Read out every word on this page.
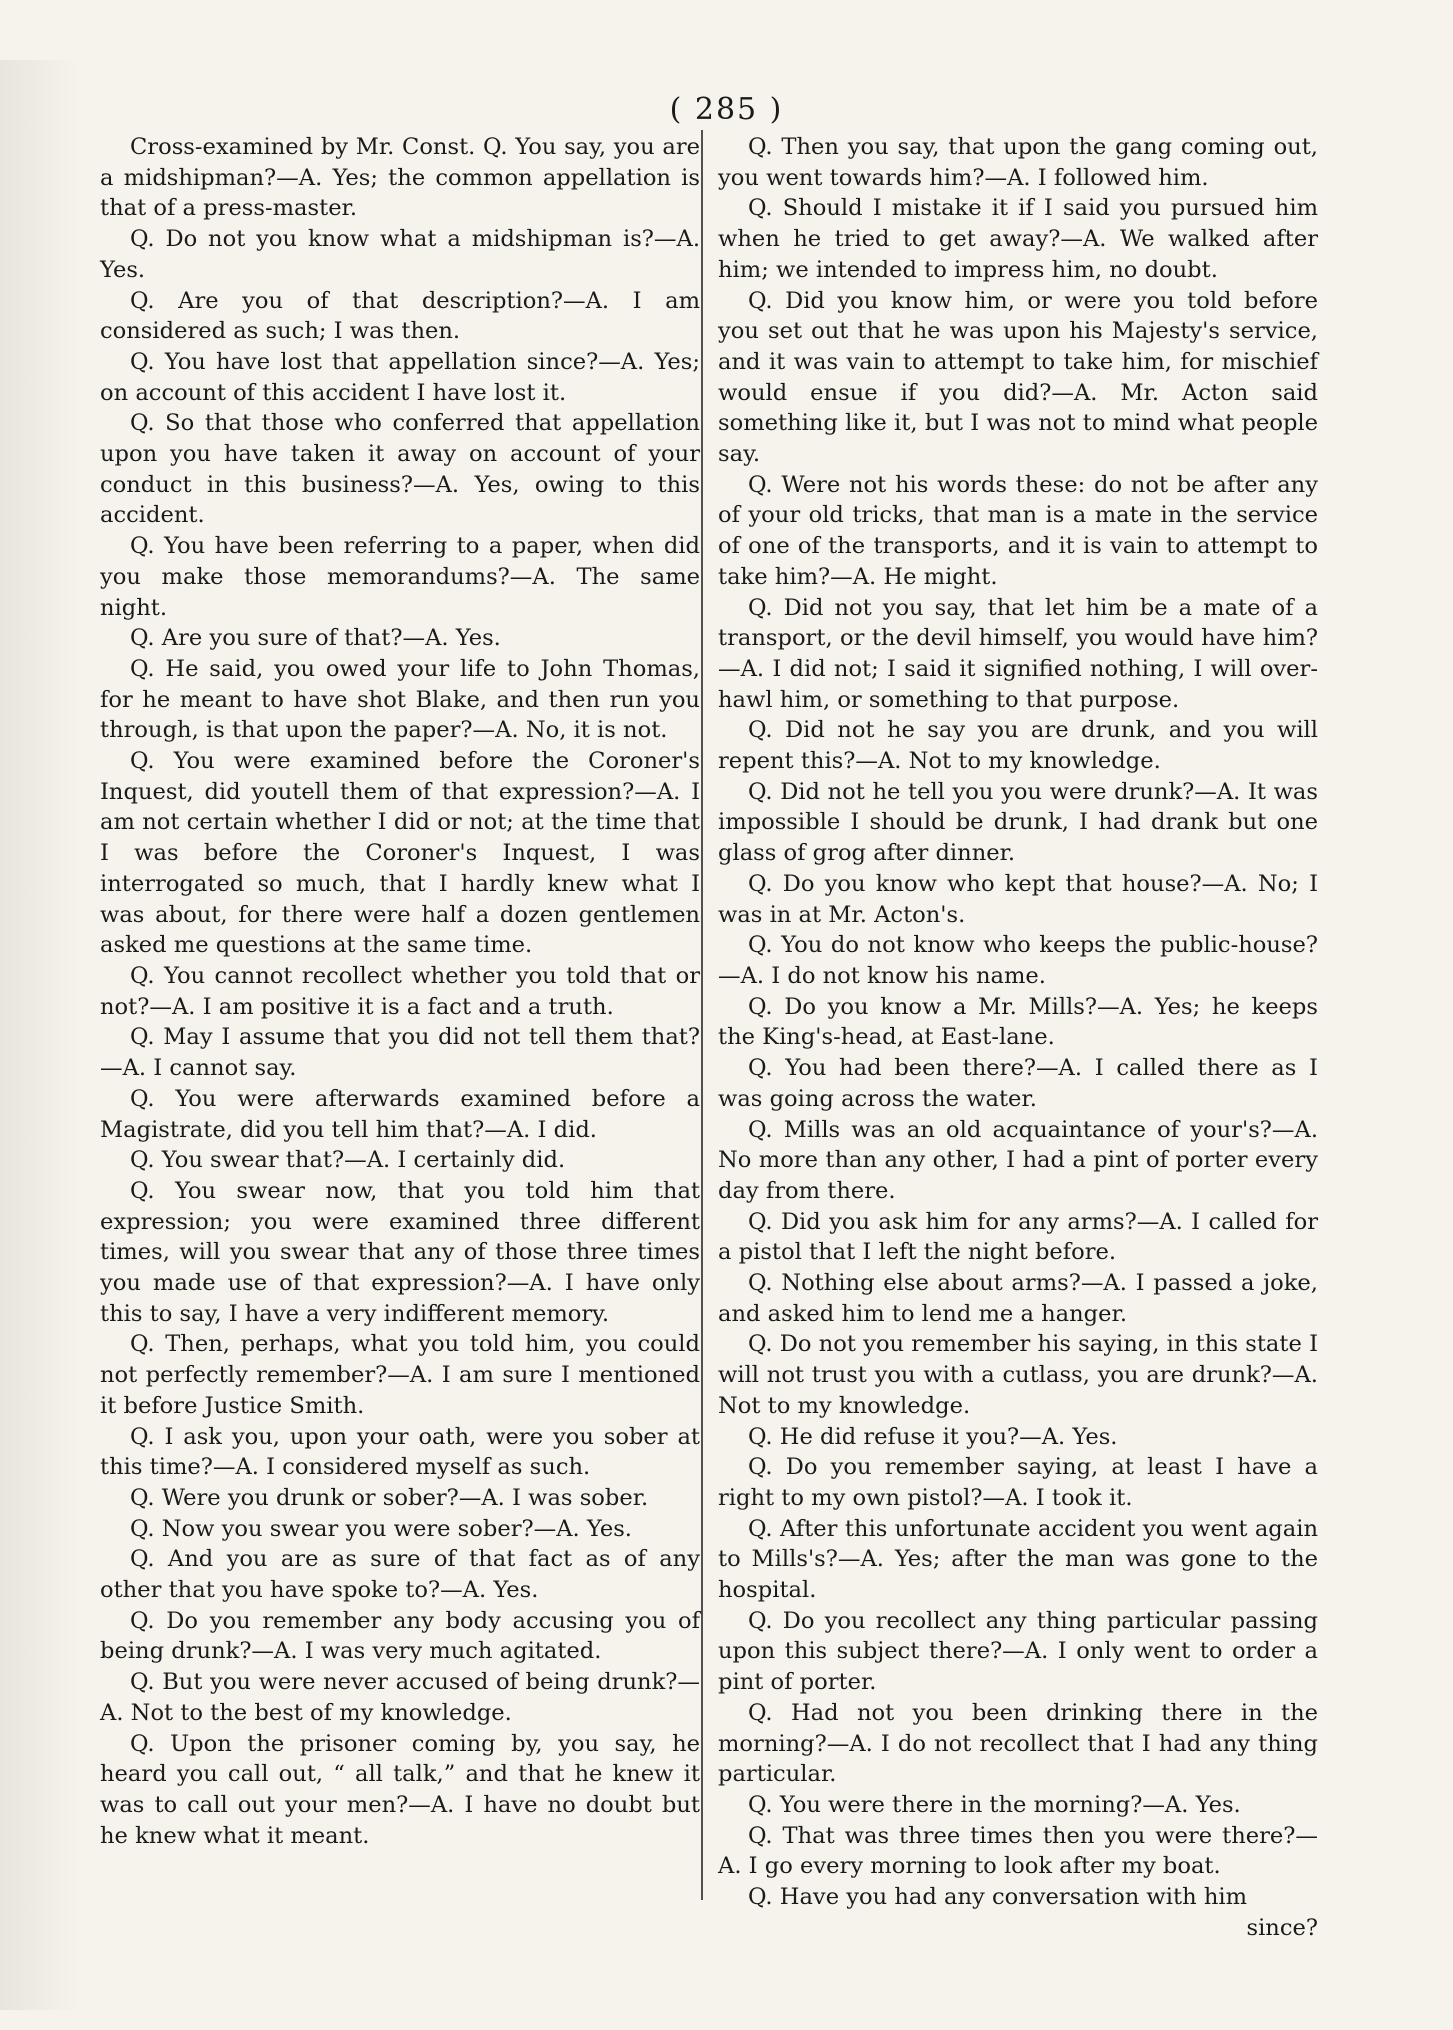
( 285 )

Cross-examined by Mr. Const. Q. You say, you are a midshipman?—A. Yes; the common appellation is that of a press-master.

Q. Do not you know what a midshipman is?—A. Yes.

Q. Are you of that description?—A. I am considered as such; I was then.

Q. You have lost that appellation since?—A. Yes; on account of this accident I have lost it.

Q. So that those who conferred that appellation upon you have taken it away on account of your conduct in this business?—A. Yes, owing to this accident.

Q. You have been referring to a paper, when did you make those memorandums?—A. The same night.

Q. Are you sure of that?—A. Yes.

Q. He said, you owed your life to John Thomas, for he meant to have shot Blake, and then run you through, is that upon the paper?—A. No, it is not.

Q. You were examined before the Coroner's Inquest, did youtell them of that expression?—A. I am not certain whether I did or not; at the time that I was before the Coroner's Inquest, I was interrogated so much, that I hardly knew what I was about, for there were half a dozen gentlemen asked me questions at the same time.

Q. You cannot recollect whether you told that or not?—A. I am positive it is a fact and a truth.

Q. May I assume that you did not tell them that?—A. I cannot say.

Q. You were afterwards examined before a Magistrate, did you tell him that?—A. I did.

Q. You swear that?—A. I certainly did.

Q. You swear now, that you told him that expression; you were examined three different times, will you swear that any of those three times you made use of that expression?—A. I have only this to say, I have a very indifferent memory.

Q. Then, perhaps, what you told him, you could not perfectly remember?—A. I am sure I mentioned it before Justice Smith.

Q. I ask you, upon your oath, were you sober at this time?—A. I considered myself as such.

Q. Were you drunk or sober?—A. I was sober.

Q. Now you swear you were sober?—A. Yes.

Q. And you are as sure of that fact as of any other that you have spoke to?—A. Yes.

Q. Do you remember any body accusing you of being drunk?—A. I was very much agitated.

Q. But you were never accused of being drunk?—A. Not to the best of my knowledge.

Q. Upon the prisoner coming by, you say, he heard you call out, “ all talk,” and that he knew it was to call out your men?—A. I have no doubt but he knew what it meant.

Q. Then you say, that upon the gang coming out, you went towards him?—A. I followed him.

Q. Should I mistake it if I said you pursued him when he tried to get away?—A. We walked after him; we intended to impress him, no doubt.

Q. Did you know him, or were you told before you set out that he was upon his Majesty's service, and it was vain to attempt to take him, for mischief would ensue if you did?—A. Mr. Acton said something like it, but I was not to mind what people say.

Q. Were not his words these: do not be after any of your old tricks, that man is a mate in the service of one of the transports, and it is vain to attempt to take him?—A. He might.

Q. Did not you say, that let him be a mate of a transport, or the devil himself, you would have him?—A. I did not; I said it signified nothing, I will over-hawl him, or something to that purpose.

Q. Did not he say you are drunk, and you will repent this?—A. Not to my knowledge.

Q. Did not he tell you you were drunk?—A. It was impossible I should be drunk, I had drank but one glass of grog after dinner.

Q. Do you know who kept that house?—A. No; I was in at Mr. Acton's.

Q. You do not know who keeps the public-house?—A. I do not know his name.

Q. Do you know a Mr. Mills?—A. Yes; he keeps the King's-head, at East-lane.

Q. You had been there?—A. I called there as I was going across the water.

Q. Mills was an old acquaintance of your's?—A. No more than any other, I had a pint of porter every day from there.

Q. Did you ask him for any arms?—A. I called for a pistol that I left the night before.

Q. Nothing else about arms?—A. I passed a joke, and asked him to lend me a hanger.

Q. Do not you remember his saying, in this state I will not trust you with a cutlass, you are drunk?—A. Not to my knowledge.

Q. He did refuse it you?—A. Yes.

Q. Do you remember saying, at least I have a right to my own pistol?—A. I took it.

Q. After this unfortunate accident you went again to Mills's?—A. Yes; after the man was gone to the hospital.

Q. Do you recollect any thing particular passing upon this subject there?—A. I only went to order a pint of porter.

Q. Had not you been drinking there in the morning?—A. I do not recollect that I had any thing particular.

Q. You were there in the morning?—A. Yes.

Q. That was three times then you were there?—A. I go every morning to look after my boat.

Q. Have you had any conversation with him

since?
